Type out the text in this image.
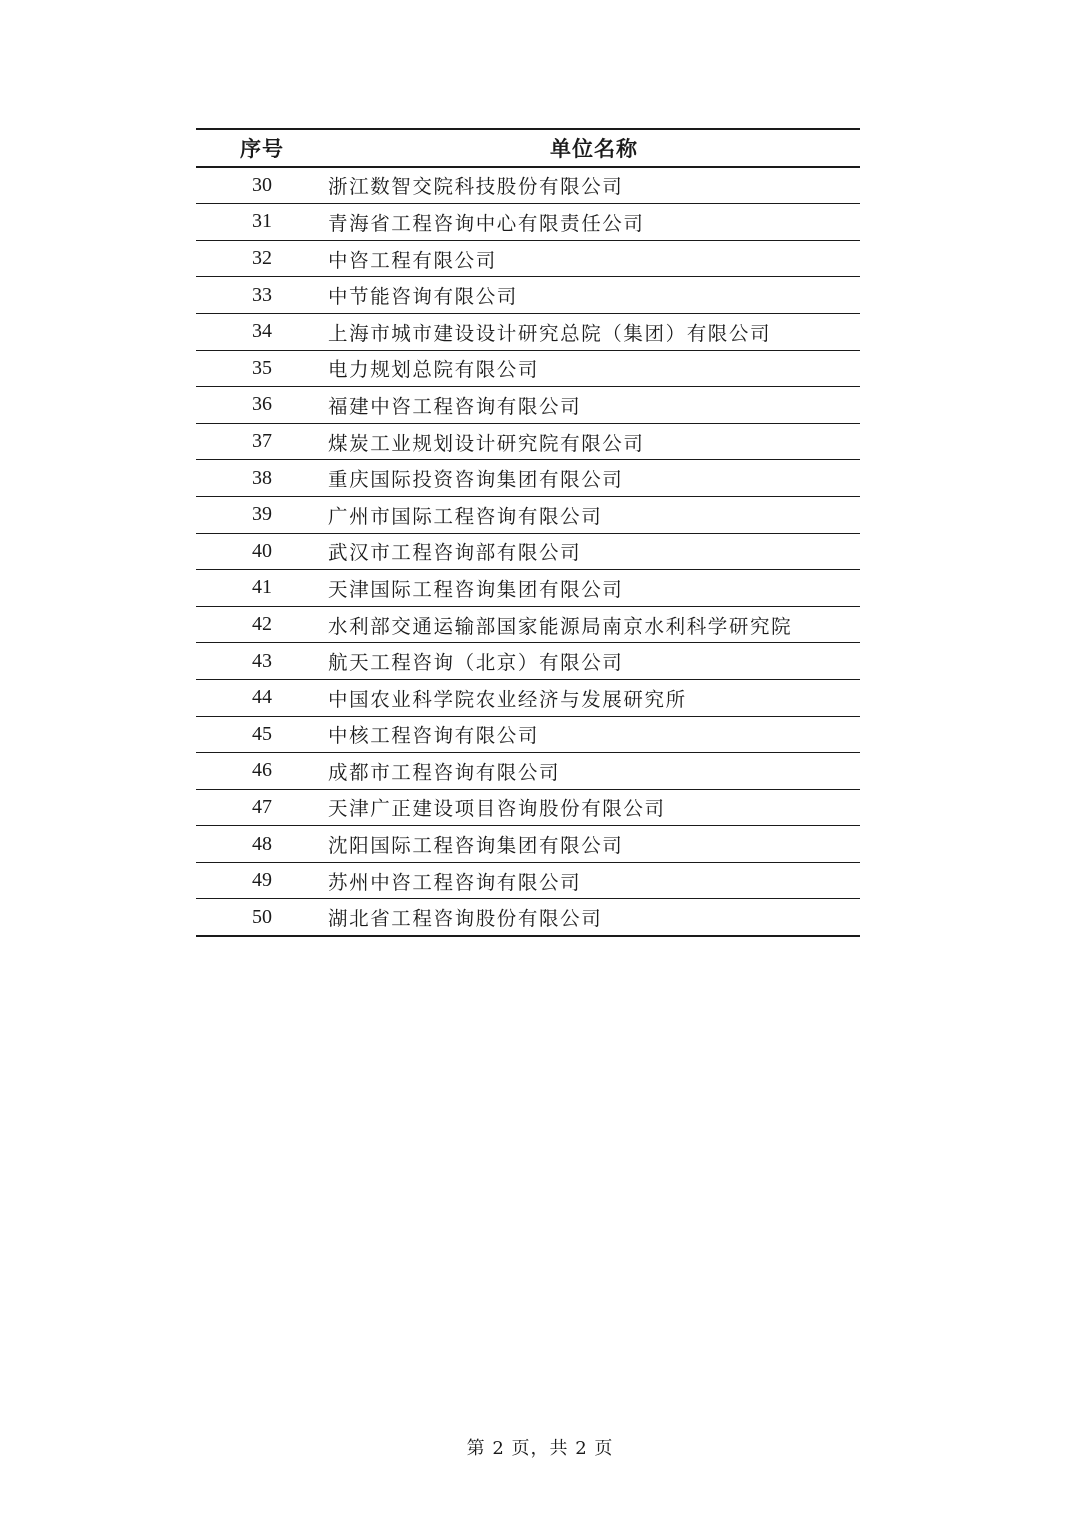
序号	单位名称
30	浙江数智交院科技股份有限公司
31	青海省工程咨询中心有限责任公司
32	中咨工程有限公司
33	中节能咨询有限公司
34	上海市城市建设设计研究总院（集团）有限公司
35	电力规划总院有限公司
36	福建中咨工程咨询有限公司
37	煤炭工业规划设计研究院有限公司
38	重庆国际投资咨询集团有限公司
39	广州市国际工程咨询有限公司
40	武汉市工程咨询部有限公司
41	天津国际工程咨询集团有限公司
42	水利部交通运输部国家能源局南京水利科学研究院
43	航天工程咨询（北京）有限公司
44	中国农业科学院农业经济与发展研究所
45	中核工程咨询有限公司
46	成都市工程咨询有限公司
47	天津广正建设项目咨询股份有限公司
48	沈阳国际工程咨询集团有限公司
49	苏州中咨工程咨询有限公司
50	湖北省工程咨询股份有限公司
第 2 页，共 2 页
